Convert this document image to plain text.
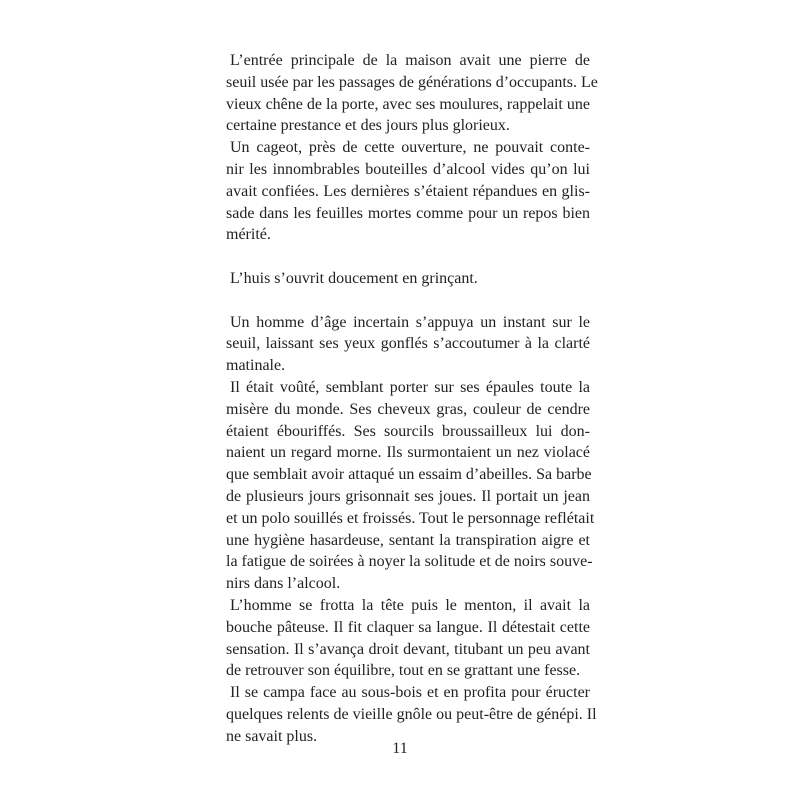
L’entrée principale de la maison avait une pierre de
seuil usée par les passages de générations d’occupants. Le
vieux chêne de la porte, avec ses moulures, rappelait une
certaine prestance et des jours plus glorieux.
Un cageot, près de cette ouverture, ne pouvait conte-
nir les innombrables bouteilles d’alcool vides qu’on lui
avait confiées. Les dernières s’étaient répandues en glis-
sade dans les feuilles mortes comme pour un repos bien
mérité.
L’huis s’ouvrit doucement en grinçant.
Un homme d’âge incertain s’appuya un instant sur le
seuil, laissant ses yeux gonflés s’accoutumer à la clarté
matinale.
Il était voûté, semblant porter sur ses épaules toute la
misère du monde. Ses cheveux gras, couleur de cendre
étaient ébouriffés. Ses sourcils broussailleux lui don-
naient un regard morne. Ils surmontaient un nez violacé
que semblait avoir attaqué un essaim d’abeilles. Sa barbe
de plusieurs jours grisonnait ses joues. Il portait un jean
et un polo souillés et froissés. Tout le personnage reflétait
une hygiène hasardeuse, sentant la transpiration aigre et
la fatigue de soirées à noyer la solitude et de noirs souve-
nirs dans l’alcool.
L’homme se frotta la tête puis le menton, il avait la
bouche pâteuse. Il fit claquer sa langue. Il détestait cette
sensation. Il s’avança droit devant, titubant un peu avant
de retrouver son équilibre, tout en se grattant une fesse.
Il se campa face au sous-bois et en profita pour éructer
quelques relents de vieille gnôle ou peut-être de génépi. Il
ne savait plus.
11
